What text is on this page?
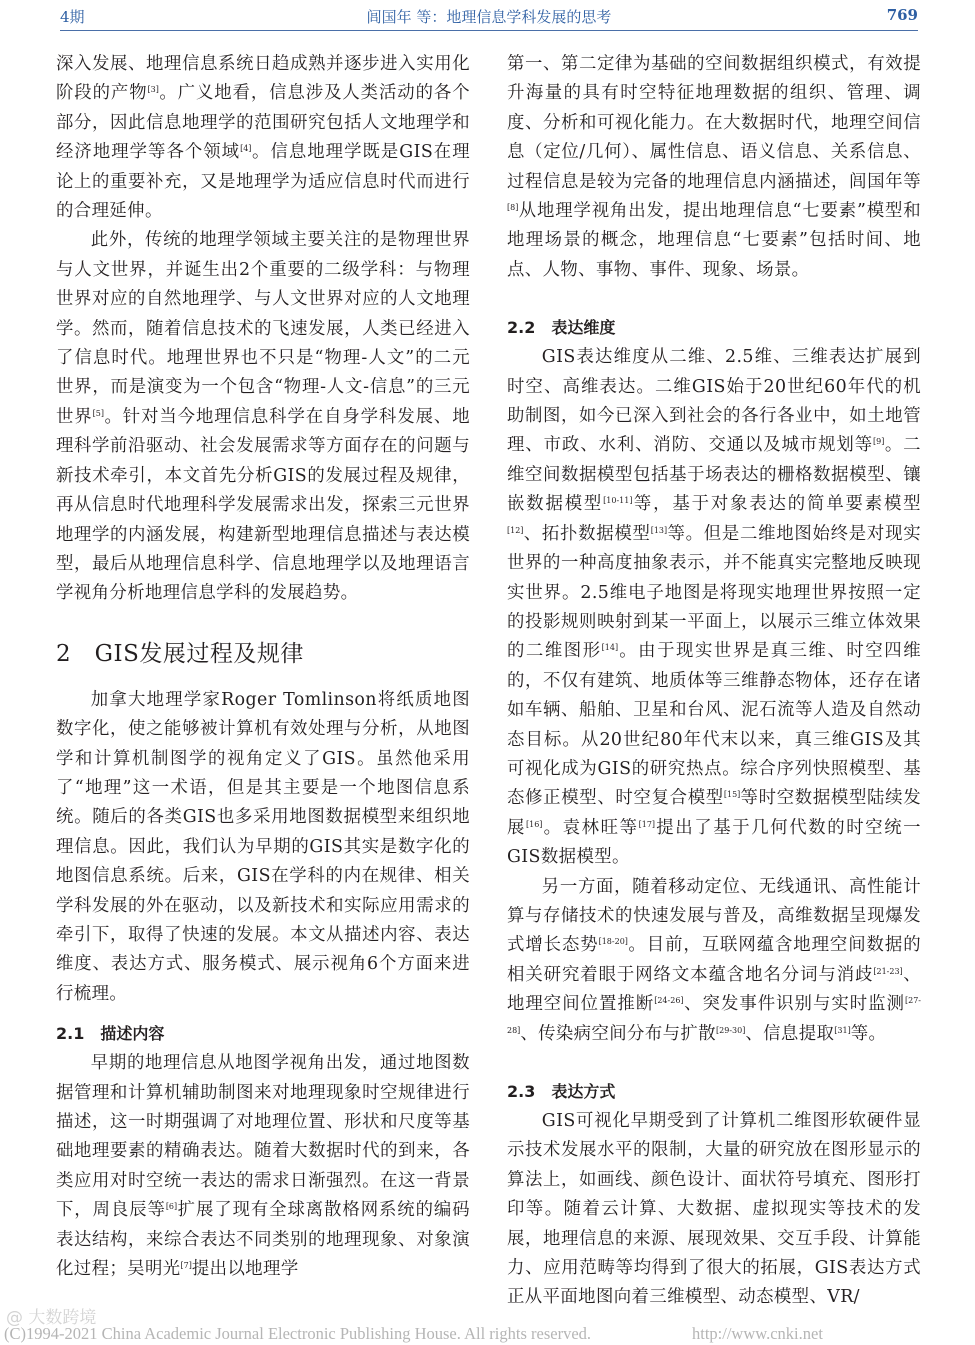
4期	闾国年 等：地理信息学科发展的思考	769

深入发展、地理信息系统日趋成熟并逐步进入实用化阶段的产物[3]。广义地看，信息涉及人类活动的各个部分，因此信息地理学的范围研究包括人文地理学和经济地理学等各个领域[4]。信息地理学既是GIS在理论上的重要补充，又是地理学为适应信息时代而进行的合理延伸。

此外，传统的地理学领域主要关注的是物理世界与人文世界，并诞生出2个重要的二级学科：与物理世界对应的自然地理学、与人文世界对应的人文地理学。然而，随着信息技术的飞速发展，人类已经进入了信息时代。地理世界也不只是“物理-人文”的二元世界，而是演变为一个包含“物理-人文-信息”的三元世界[5]。针对当今地理信息科学在自身学科发展、地理科学前沿驱动、社会发展需求等方面存在的问题与新技术牵引，本文首先分析GIS的发展过程及规律，再从信息时代地理科学发展需求出发，探索三元世界地理学的内涵发展，构建新型地理信息描述与表达模型，最后从地理信息科学、信息地理学以及地理语言学视角分析地理信息学科的发展趋势。

2　GIS发展过程及规律

加拿大地理学家Roger Tomlinson将纸质地图数字化，使之能够被计算机有效处理与分析，从地图学和计算机制图学的视角定义了GIS。虽然他采用了“地理”这一术语，但是其主要是一个地图信息系统。随后的各类GIS也多采用地图数据模型来组织地理信息。因此，我们认为早期的GIS其实是数字化的地图信息系统。后来，GIS在学科的内在规律、相关学科发展的外在驱动，以及新技术和实际应用需求的牵引下，取得了快速的发展。本文从描述内容、表达维度、表达方式、服务模式、展示视角6个方面来进行梳理。

2.1　描述内容

早期的地理信息从地图学视角出发，通过地图数据管理和计算机辅助制图来对地理现象时空规律进行描述，这一时期强调了对地理位置、形状和尺度等基础地理要素的精确表达。随着大数据时代的到来，各类应用对时空统一表达的需求日渐强烈。在这一背景下，周良辰等[6]扩展了现有全球离散格网系统的编码表达结构，来综合表达不同类别的地理现象、对象演化过程；吴明光[7]提出以地理学

第一、第二定律为基础的空间数据组织模式，有效提升海量的具有时空特征地理数据的组织、管理、调度、分析和可视化能力。在大数据时代，地理空间信息（定位/几何）、属性信息、语义信息、关系信息、过程信息是较为完备的地理信息内涵描述，闾国年等[8]从地理学视角出发，提出地理信息“七要素”模型和地理场景的概念，地理信息“七要素”包括时间、地点、人物、事物、事件、现象、场景。

2.2　表达维度

GIS表达维度从二维、2.5维、三维表达扩展到时空、高维表达。二维GIS始于20世纪60年代的机助制图，如今已深入到社会的各行各业中，如土地管理、市政、水利、消防、交通以及城市规划等[9]。二维空间数据模型包括基于场表达的栅格数据模型、镶嵌数据模型[10-11]等，基于对象表达的简单要素模型[12]、拓扑数据模型[13]等。但是二维地图始终是对现实世界的一种高度抽象表示，并不能真实完整地反映现实世界。2.5维电子地图是将现实地理世界按照一定的投影规则映射到某一平面上，以展示三维立体效果的二维图形[14]。由于现实世界是真三维、时空四维的，不仅有建筑、地质体等三维静态物体，还存在诸如车辆、船舶、卫星和台风、泥石流等人造及自然动态目标。从20世纪80年代末以来，真三维GIS及其可视化成为GIS的研究热点。综合序列快照模型、基态修正模型、时空复合模型[15]等时空数据模型陆续发展[16]。袁林旺等[17]提出了基于几何代数的时空统一GIS数据模型。

另一方面，随着移动定位、无线通讯、高性能计算与存储技术的快速发展与普及，高维数据呈现爆发式增长态势[18-20]。目前，互联网蕴含地理空间数据的相关研究着眼于网络文本蕴含地名分词与消歧[21-23]、地理空间位置推断[24-26]、突发事件识别与实时监测[27-28]、传染病空间分布与扩散[29-30]、信息提取[31]等。

2.3　表达方式

GIS可视化早期受到了计算机二维图形软硬件显示技术发展水平的限制，大量的研究放在图形显示的算法上，如画线、颜色设计、面状符号填充、图形打印等。随着云计算、大数据、虚拟现实等技术的发展，地理信息的来源、展现效果、交互手段、计算能力、应用范畴等均得到了很大的拓展，GIS表达方式正从平面地图向着三维模型、动态模型、VR/

@ 大数跨境
(C)1994-2021 China Academic Journal Electronic Publishing House. All rights reserved.	http://www.cnki.net
